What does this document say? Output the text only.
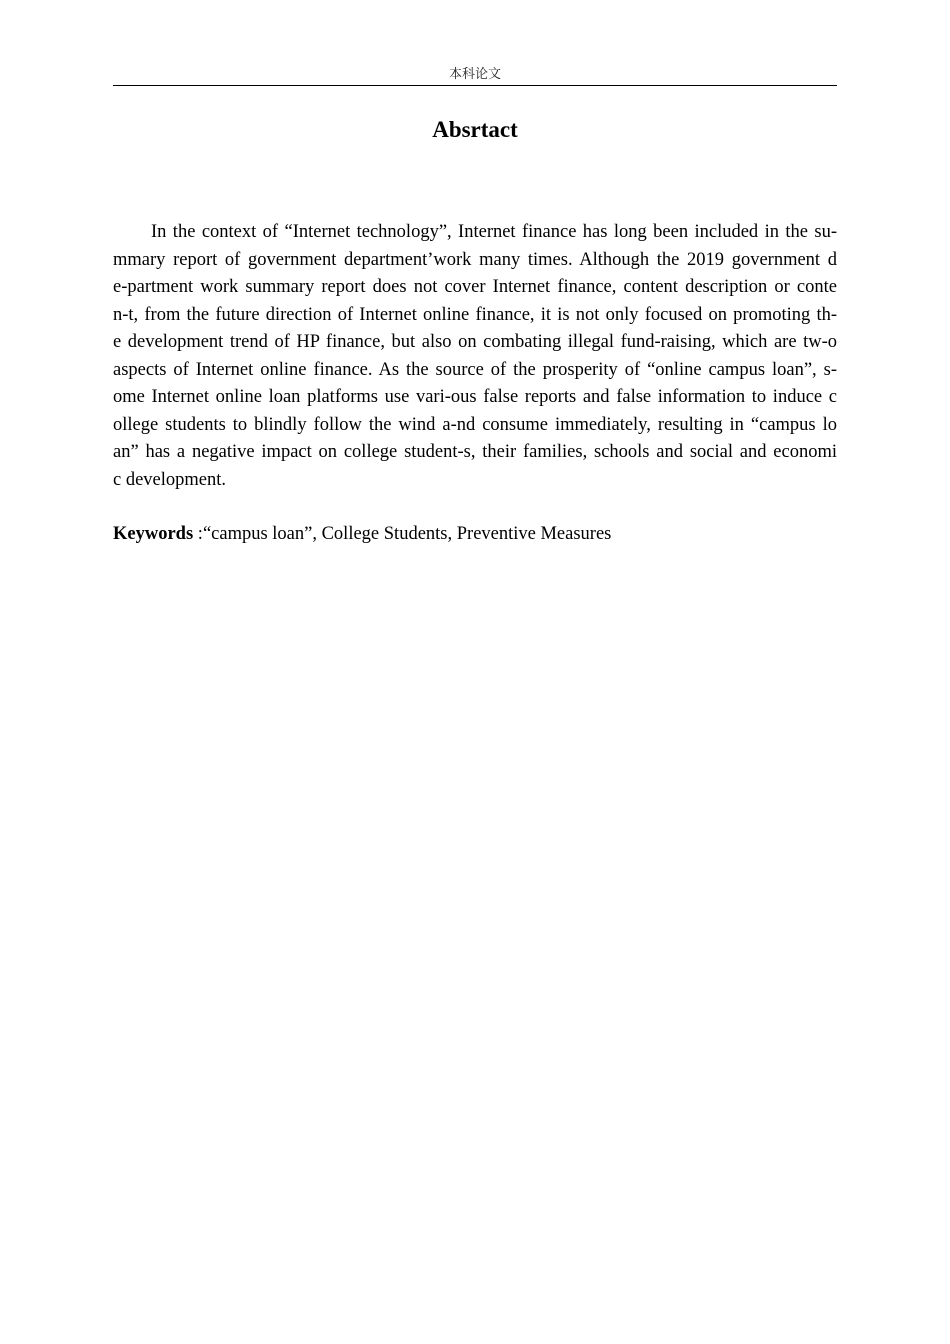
本科论文
Absrtact
In the context of “Internet technology”, Internet finance has long been included in the su-
mmary report of government department’work many times. Although the 2019 government d
e-partment work summary report does not cover Internet finance, content description or conte
n-t, from the future direction of Internet online finance, it is not only focused on promoting th-
e development trend of HP finance, but also on combating illegal fund-raising, which are tw-o
aspects of Internet online finance. As the source of the prosperity of “online campus loan”, s-
ome Internet online loan platforms use vari-ous false reports and false information to induce c
ollege students to blindly follow the wind a-nd consume immediately, resulting in “campus lo
an” has a negative impact on college student-s, their families, schools and social and economi
c development.

Keywords :“campus loan”, College Students, Preventive Measures
